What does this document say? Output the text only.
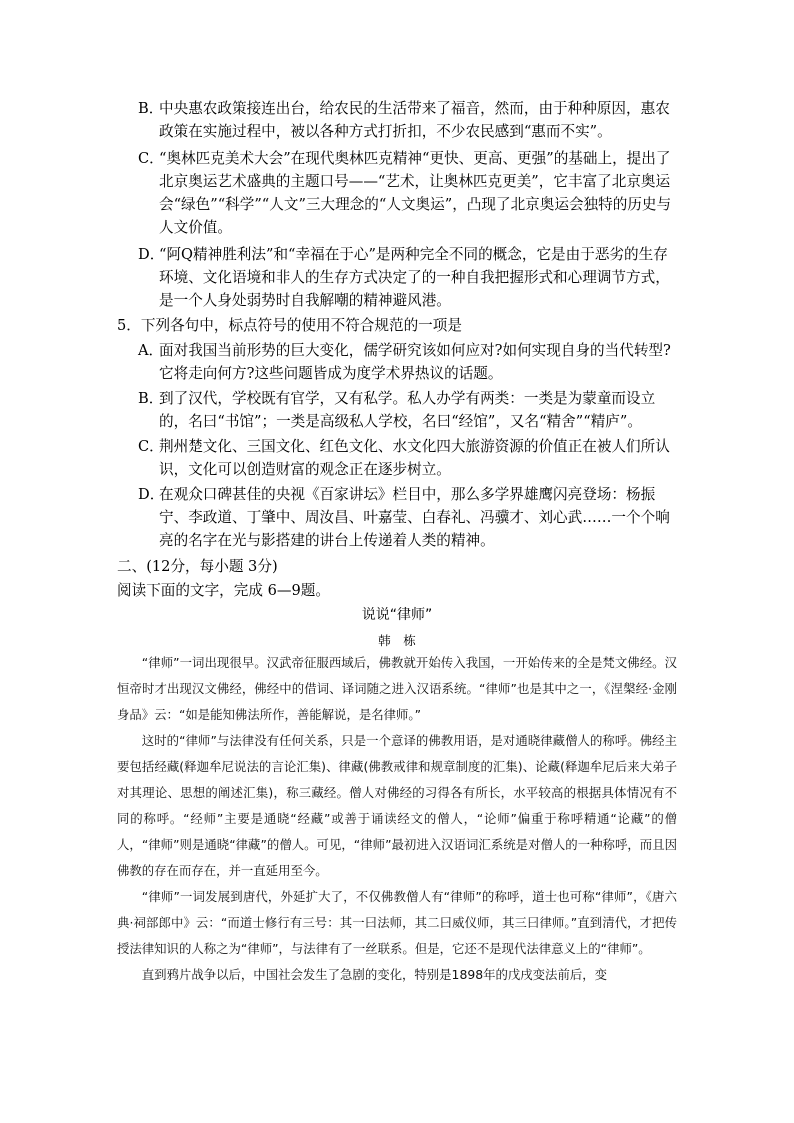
B．
中央惠农政策接连出台，给农民的生活带来了福音，然而，由于种种原因，惠农政策在实施过程中，被以各种方式打折扣，不少农民感到“惠而不实”。
C．
“奥林匹克美术大会”在现代奥林匹克精神“更快、更高、更强”的基础上，提出了北京奥运艺术盛典的主题口号——“艺术，让奥林匹克更美”，它丰富了北京奥运会“绿色”“科学”“人文”三大理念的“人文奥运”，凸现了北京奥运会独特的历史与人文价值。
D．
“阿Q精神胜利法”和“幸福在于心”是两种完全不同的概念，它是由于恶劣的生存环境、文化语境和非人的生存方式决定了的一种自我把握形式和心理调节方式，是一个人身处弱势时自我解嘲的精神避风港。
5．下列各句中，标点符号的使用不符合规范的一项是
A．
面对我国当前形势的巨大变化，儒学研究该如何应对?如何实现自身的当代转型?它将走向何方?这些问题皆成为度学术界热议的话题。
B．
到了汉代，学校既有官学，又有私学。私人办学有两类：一类是为蒙童而设立的，名曰“书馆”；一类是高级私人学校，名曰“经馆”，又名“精舍”“精庐”。
C．
荆州楚文化、三国文化、红色文化、水文化四大旅游资源的价值正在被人们所认识，文化可以创造财富的观念正在逐步树立。
D．
在观众口碑甚佳的央视《百家讲坛》栏目中，那么多学界雄鹰闪亮登场：杨振宁、李政道、丁肇中、周汝昌、叶嘉莹、白春礼、冯骥才、刘心武……一个个响亮的名字在光与影搭建的讲台上传递着人类的精神。
二、(12分，每小题 3分)
阅读下面的文字，完成 6—9题。
说说“律师”
韩　栋

“律师”一词出现很早。汉武帝征服西域后，佛教就开始传入我国，一开始传来的全是梵文佛经。汉恒帝时才出现汉文佛经，佛经中的借词、译词随之进入汉语系统。“律师”也是其中之一，《涅槃经·金刚身品》云：“如是能知佛法所作，善能解说，是名律师。”

这时的“律师”与法律没有任何关系，只是一个意译的佛教用语，是对通晓律藏僧人的称呼。佛经主要包括经藏(释迦牟尼说法的言论汇集)、律藏(佛教戒律和规章制度的汇集)、论藏(释迦牟尼后来大弟子对其理论、思想的阐述汇集)，称三藏经。僧人对佛经的习得各有所长，水平较高的根据具体情况有不同的称呼。“经师”主要是通晓“经藏”或善于诵读经文的僧人，“论师”偏重于称呼精通“论藏”的僧人，“律师”则是通晓“律藏”的僧人。可见，“律师”最初进入汉语词汇系统是对僧人的一种称呼，而且因佛教的存在而存在，并一直延用至今。

“律师”一词发展到唐代，外延扩大了，不仅佛教僧人有“律师”的称呼，道士也可称“律师”，《唐六典·祠部郎中》云：“而道士修行有三号：其一曰法师，其二曰威仪师，其三曰律师。”直到清代，才把传授法律知识的人称之为“律师”，与法律有了一丝联系。但是，它还不是现代法律意义上的“律师”。

直到鸦片战争以后，中国社会发生了急剧的变化，特别是1898年的戊戌变法前后，变
